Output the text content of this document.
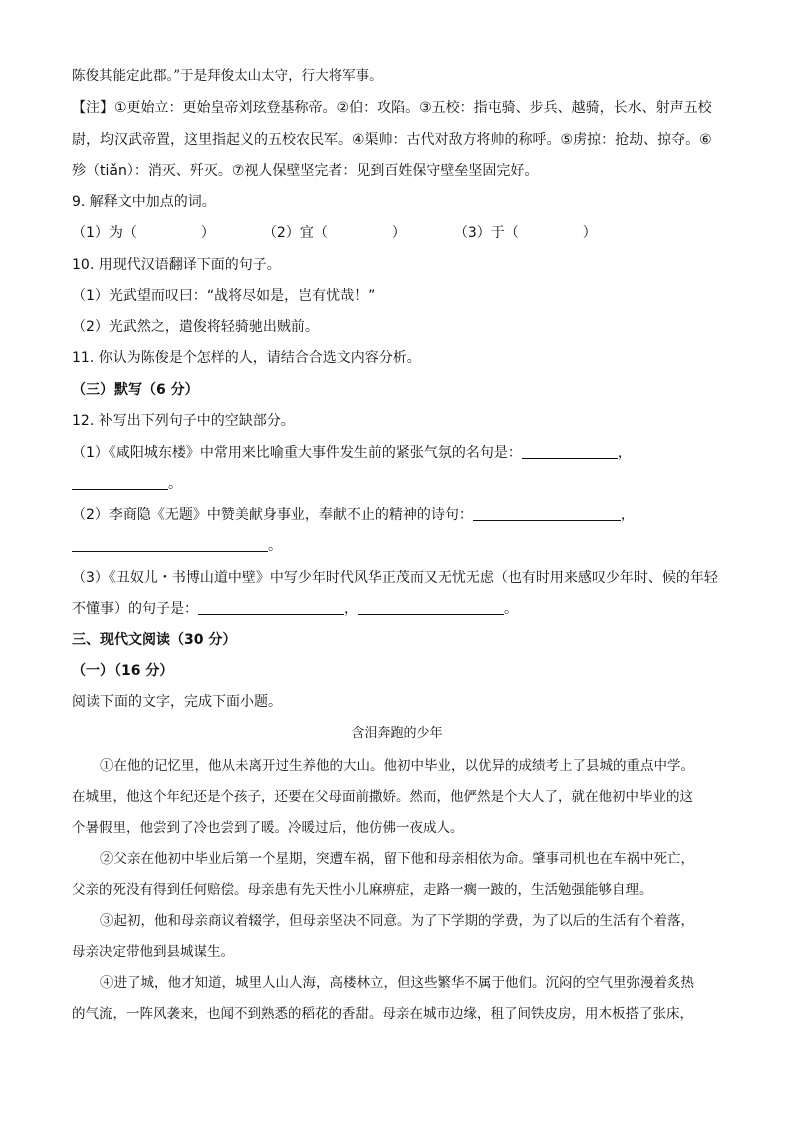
陈俊其能定此郡。”于是拜俊太山太守，行大将军事。
【注】①更始立：更始皇帝刘玹登基称帝。②伯：攻陷。③五校：指屯骑、步兵、越骑，长水、射声五校
尉，均汉武帝置，这里指起义的五校农民军。④渠帅：古代对敌方将帅的称呼。⑤虏掠：抢劫、掠夺。⑥
殄（tiǎn）：消灭、歼灭。⑦视人保壁坚完者：见到百姓保守壁垒坚固完好。
9. 解释文中加点的词。
（1）为（	）	（2）宜（	）	（3）于（	）
10. 用现代汉语翻译下面的句子。
（1）光武望而叹曰：“战将尽如是，岂有忧哉！”
（2）光武然之，遣俊将轻骑驰出贼前。
11. 你认为陈俊是个怎样的人，请结合合选文内容分析。
（三）默写（6 分）
12. 补写出下列句子中的空缺部分。
（1）《咸阳城东楼》中常用来比喻重大事件发生前的紧张气氛的名句是：	，
。
（2）李商隐《无题》中赞美献身事业，奉献不止的精神的诗句：	，
。
（3）《丑奴儿・书博山道中壁》中写少年时代风华正茂而又无忧无虑（也有时用来感叹少年时、候的年轻
不懂事）的句子是：	，	。
三、现代文阅读（30 分）
（一）（16 分）
阅读下面的文字，完成下面小题。
含泪奔跑的少年
①在他的记忆里，他从未离开过生养他的大山。他初中毕业，以优异的成绩考上了县城的重点中学。
在城里，他这个年纪还是个孩子，还要在父母面前撒娇。然而，他俨然是个大人了，就在他初中毕业的这
个暑假里，他尝到了冷也尝到了暖。冷暖过后，他仿佛一夜成人。
②父亲在他初中毕业后第一个星期，突遭车祸，留下他和母亲相依为命。肇事司机也在车祸中死亡，
父亲的死没有得到任何赔偿。母亲患有先天性小儿麻痹症，走路一瘸一跛的，生活勉强能够自理。
③起初，他和母亲商议着辍学，但母亲坚决不同意。为了下学期的学费，为了以后的生活有个着落，
母亲决定带他到县城谋生。
④进了城，他才知道，城里人山人海，高楼林立，但这些繁华不属于他们。沉闷的空气里弥漫着炙热
的气流，一阵风袭来，也闻不到熟悉的稻花的香甜。母亲在城市边缘，租了间铁皮房，用木板搭了张床，
